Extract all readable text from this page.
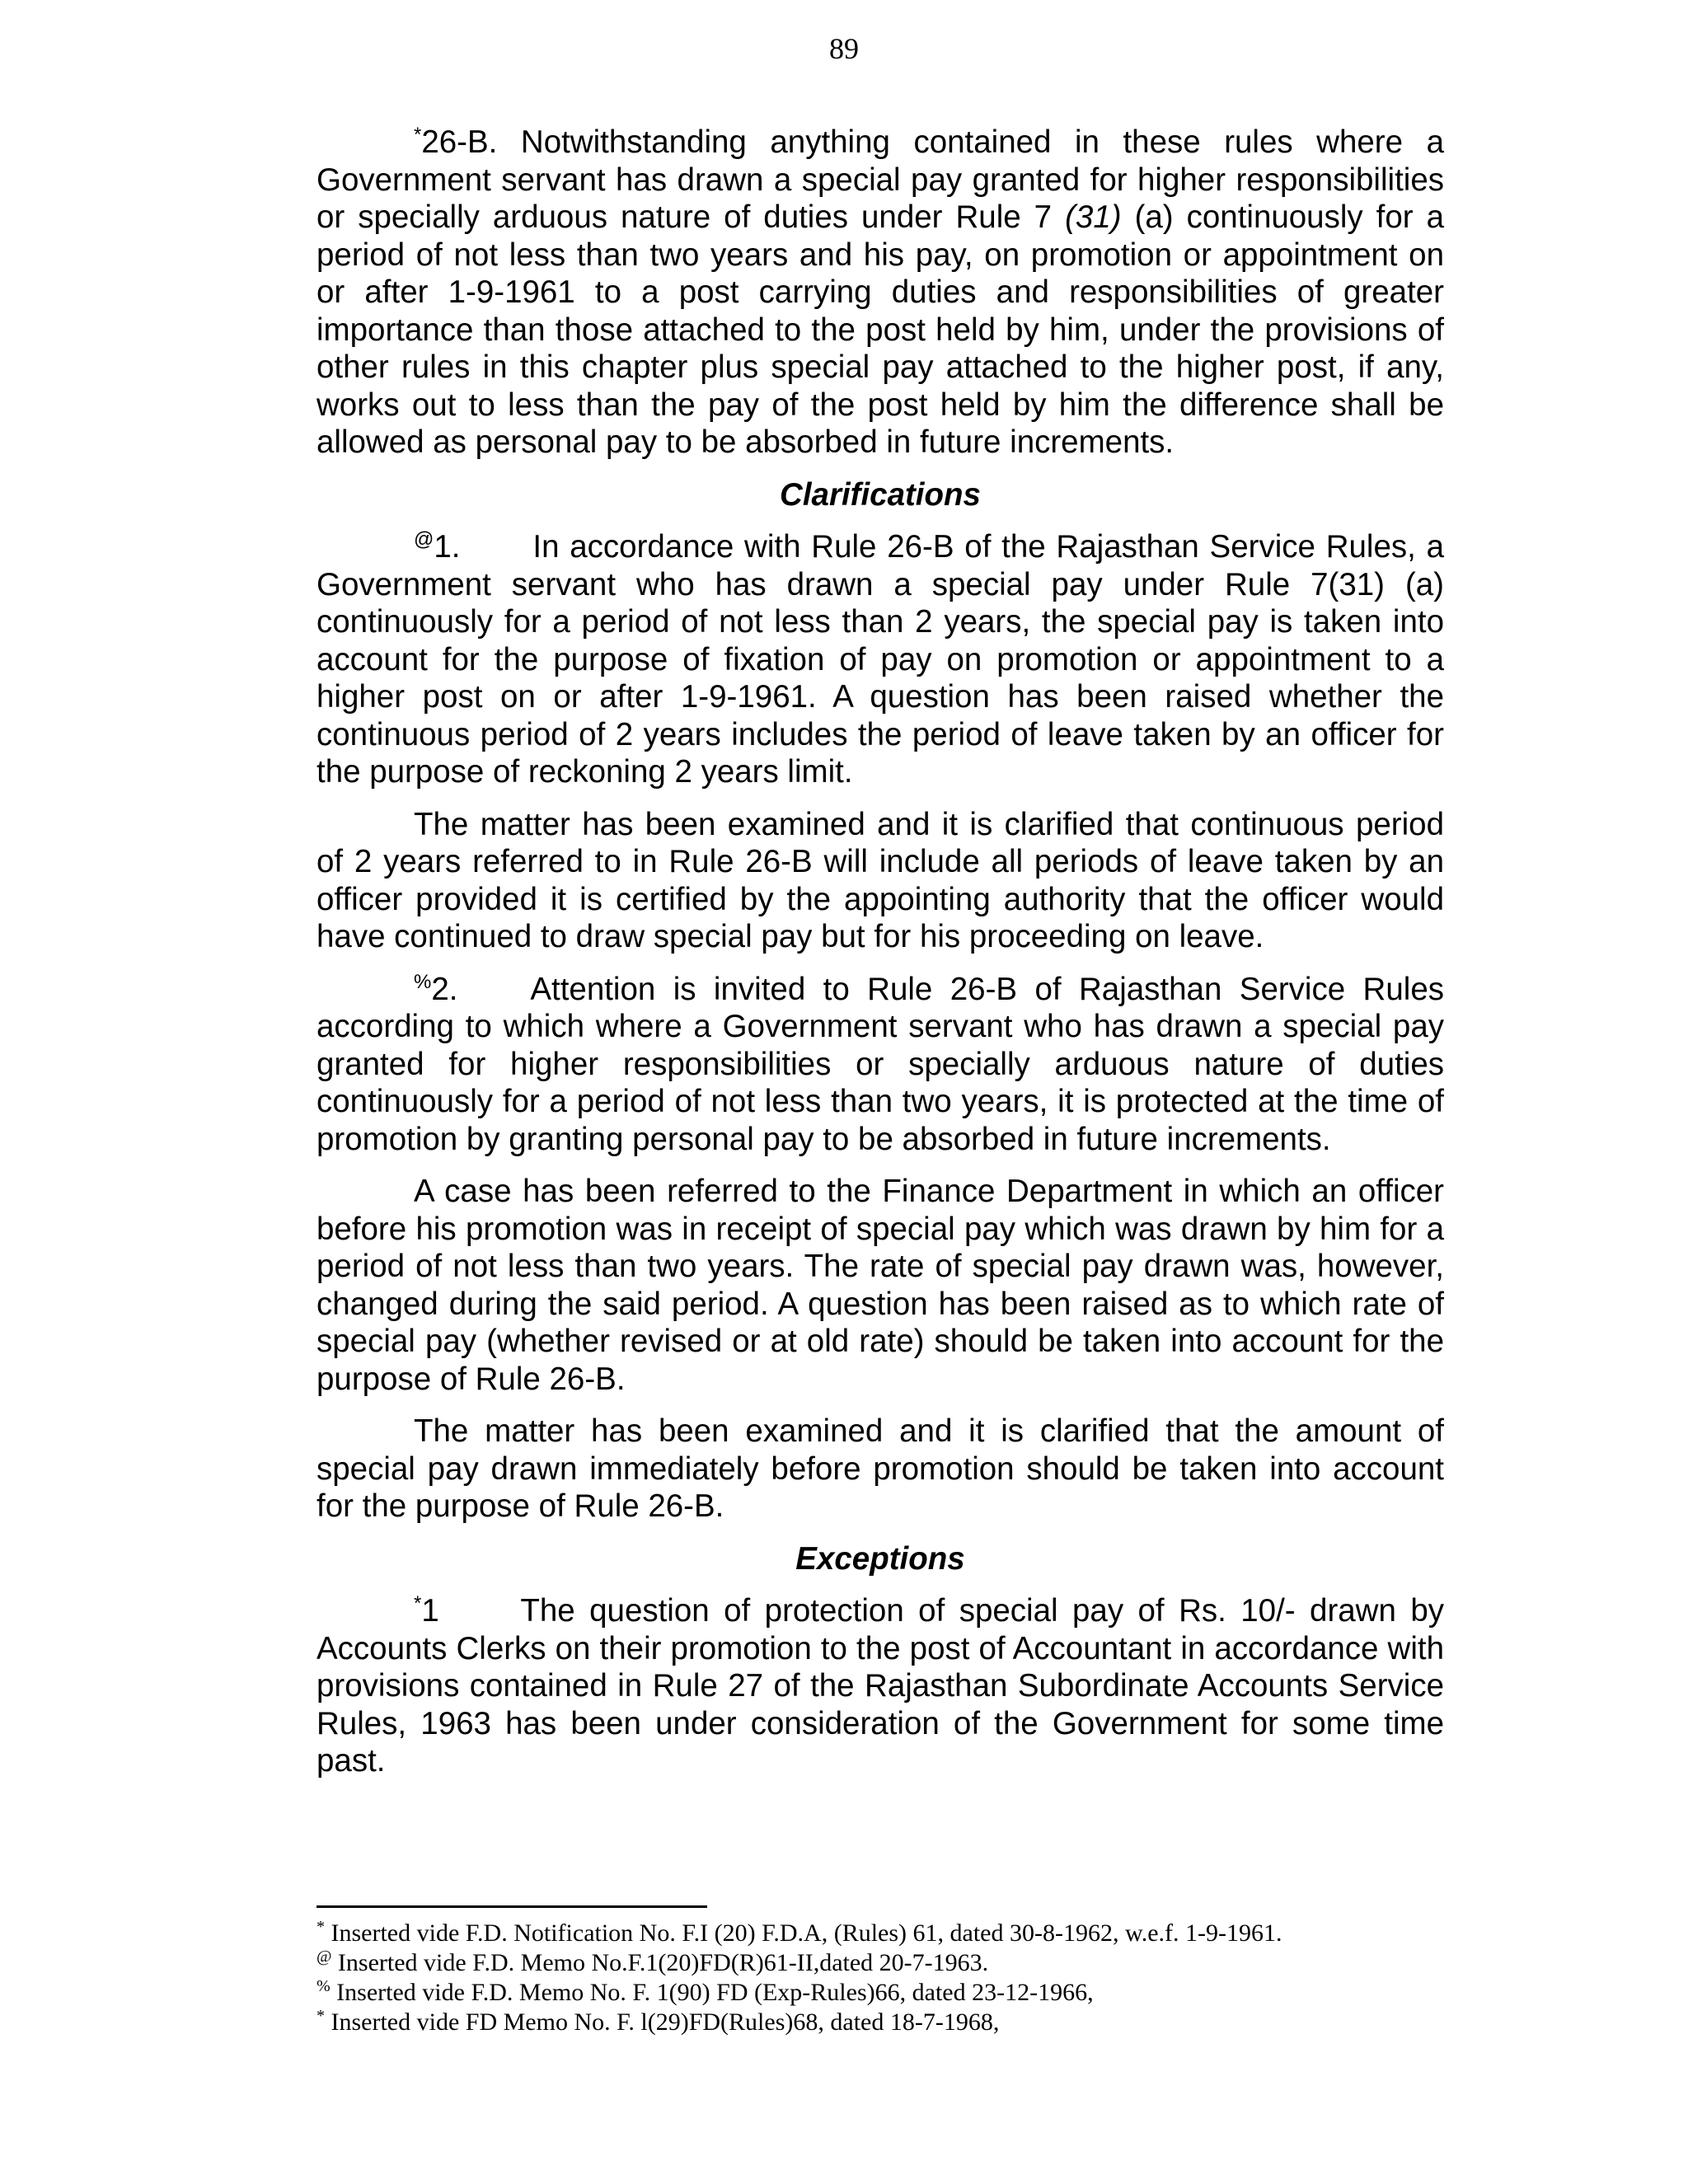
89

*26-B. Notwithstanding anything contained in these rules where a Government servant has drawn a special pay granted for higher responsibilities or specially arduous nature of duties under Rule 7 (31) (a) continuously for a period of not less than two years and his pay, on promotion or appointment on or after 1-9-1961 to a post carrying duties and responsibilities of greater importance than those attached to the post held by him, under the provisions of other rules in this chapter plus special pay attached to the higher post, if any, works out to less than the pay of the post held by him the difference shall be allowed as personal pay to be absorbed in future increments.

Clarifications

@1. In accordance with Rule 26-B of the Rajasthan Service Rules, a Government servant who has drawn a special pay under Rule 7(31) (a) continuously for a period of not less than 2 years, the special pay is taken into account for the purpose of fixation of pay on promotion or appointment to a higher post on or after 1-9-1961. A question has been raised whether the continuous period of 2 years includes the period of leave taken by an officer for the purpose of reckoning 2 years limit.

The matter has been examined and it is clarified that continuous period of 2 years referred to in Rule 26-B will include all periods of leave taken by an officer provided it is certified by the appointing authority that the officer would have continued to draw special pay but for his proceeding on leave.

%2. Attention is invited to Rule 26-B of Rajasthan Service Rules according to which where a Government servant who has drawn a special pay granted for higher responsibilities or specially arduous nature of duties continuously for a period of not less than two years, it is protected at the time of promotion by granting personal pay to be absorbed in future increments.

A case has been referred to the Finance Department in which an officer before his promotion was in receipt of special pay which was drawn by him for a period of not less than two years. The rate of special pay drawn was, however, changed during the said period. A question has been raised as to which rate of special pay (whether revised or at old rate) should be taken into account for the purpose of Rule 26-B.

The matter has been examined and it is clarified that the amount of special pay drawn immediately before promotion should be taken into account for the purpose of Rule 26-B.

Exceptions

*1	The question of protection of special pay of Rs. 10/- drawn by Accounts Clerks on their promotion to the post of Accountant in accordance with provisions contained in Rule 27 of the Rajasthan Subordinate Accounts Service Rules, 1963 has been under consideration of the Government for some time past.

* Inserted vide F.D. Notification No. F.I (20) F.D.A, (Rules) 61, dated 30-8-1962, w.e.f. 1-9-1961.

@ Inserted vide F.D. Memo No.F.1(20)FD(R)61-II,dated 20-7-1963.

% Inserted vide F.D. Memo No. F. 1(90) FD (Exp-Rules)66, dated 23-12-1966,

* Inserted vide FD Memo No. F. l(29)FD(Rules)68, dated 18-7-1968,
